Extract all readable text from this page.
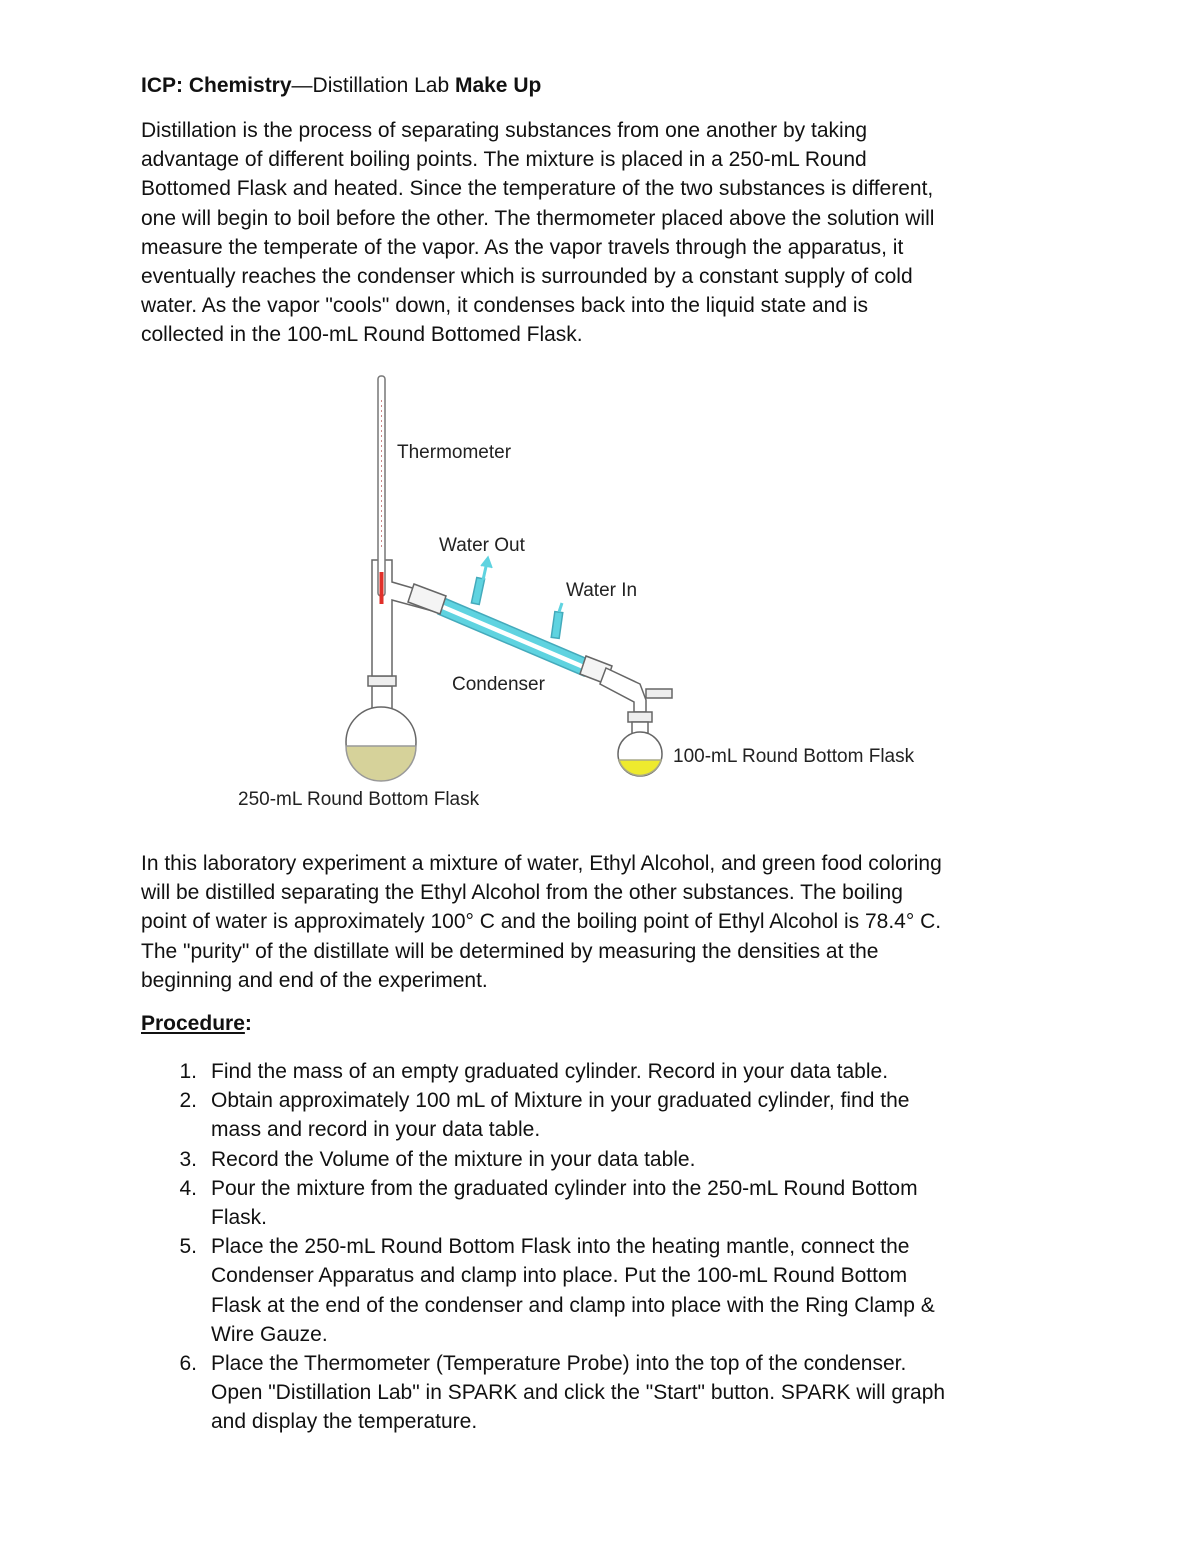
ICP: Chemistry—Distillation Lab Make Up
Distillation is the process of separating substances from one another by taking
advantage of different boiling points. The mixture is placed in a 250-mL Round
Bottomed Flask and heated. Since the temperature of the two substances is different,
one will begin to boil before the other. The thermometer placed above the solution will
measure the temperate of the vapor. As the vapor travels through the apparatus, it
eventually reaches the condenser which is surrounded by a constant supply of cold
water. As the vapor "cools" down, it condenses back into the liquid state and is
collected in the 100-mL Round Bottomed Flask.
Thermometer
Water Out
Water In
Condenser
100-mL Round Bottom Flask
250-mL Round Bottom Flask
In this laboratory experiment a mixture of water, Ethyl Alcohol, and green food coloring
will be distilled separating the Ethyl Alcohol from the other substances. The boiling
point of water is approximately 100° C and the boiling point of Ethyl Alcohol is 78.4° C.
The "purity" of the distillate will be determined by measuring the densities at the
beginning and end of the experiment.
Procedure:
1. Find the mass of an empty graduated cylinder. Record in your data table.
2. Obtain approximately 100 mL of Mixture in your graduated cylinder, find the
mass and record in your data table.
3. Record the Volume of the mixture in your data table.
4. Pour the mixture from the graduated cylinder into the 250-mL Round Bottom
Flask.
5. Place the 250-mL Round Bottom Flask into the heating mantle, connect the
Condenser Apparatus and clamp into place. Put the 100-mL Round Bottom
Flask at the end of the condenser and clamp into place with the Ring Clamp &
Wire Gauze.
6. Place the Thermometer (Temperature Probe) into the top of the condenser.
Open "Distillation Lab" in SPARK and click the "Start" button. SPARK will graph
and display the temperature.
